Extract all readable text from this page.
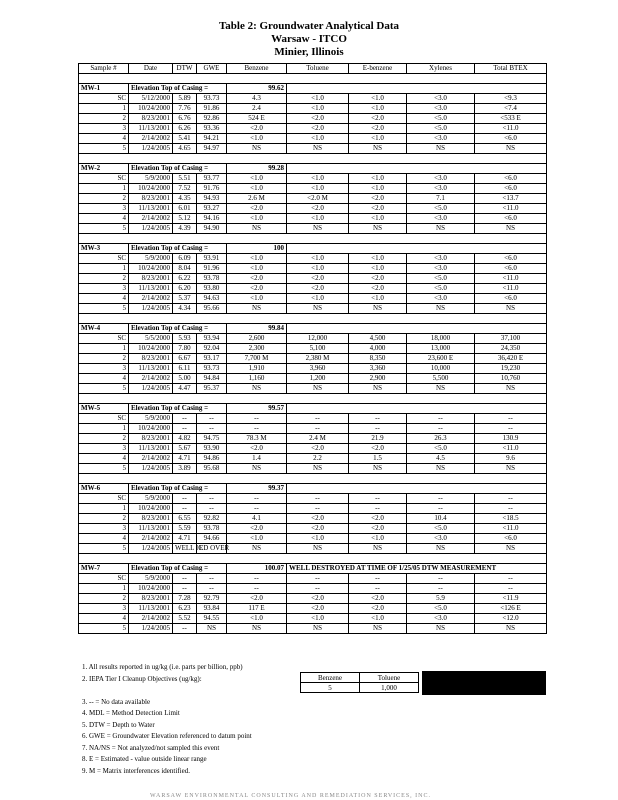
Table 2: Groundwater Analytical Data
Warsaw - ITCO
Minier, Illinois
Sample #	Date	DTW	GWE	Benzene	Toluene	E-benzene	Xylenes	Total BTEX

MW-1	Elevation Top of Casing =			99.62				
SC	5/12/2000	5.89	93.73	4.3	<1.0	<1.0	<3.0	<9.3
1	10/24/2000	7.76	91.86	2.4	<1.0	<1.0	<3.0	<7.4
2	8/23/2001	6.76	92.86	524 E	<2.0	<2.0	<5.0	<533 E
3	11/13/2001	6.26	93.36	<2.0	<2.0	<2.0	<5.0	<11.0
4	2/14/2002	5.41	94.21	<1.0	<1.0	<1.0	<3.0	<6.0
5	1/24/2005	4.65	94.97	NS	NS	NS	NS	NS

MW-2	Elevation Top of Casing =			99.28				
SC	5/9/2000	5.51	93.77	<1.0	<1.0	<1.0	<3.0	<6.0
1	10/24/2000	7.52	91.76	<1.0	<1.0	<1.0	<3.0	<6.0
2	8/23/2001	4.35	94.93	2.6 M	<2.0 M	<2.0	7.1	<13.7
3	11/13/2001	6.01	93.27	<2.0	<2.0	<2.0	<5.0	<11.0
4	2/14/2002	5.12	94.16	<1.0	<1.0	<1.0	<3.0	<6.0
5	1/24/2005	4.39	94.90	NS	NS	NS	NS	NS

MW-3	Elevation Top of Casing =			100				
SC	5/9/2000	6.09	93.91	<1.0	<1.0	<1.0	<3.0	<6.0
1	10/24/2000	8.04	91.96	<1.0	<1.0	<1.0	<3.0	<6.0
2	8/23/2001	6.22	93.78	<2.0	<2.0	<2.0	<5.0	<11.0
3	11/13/2001	6.20	93.80	<2.0	<2.0	<2.0	<5.0	<11.0
4	2/14/2002	5.37	94.63	<1.0	<1.0	<1.0	<3.0	<6.0
5	1/24/2005	4.34	95.66	NS	NS	NS	NS	NS

MW-4	Elevation Top of Casing =			99.84				
SC	5/5/2000	5.93	93.94	2,600	12,000	4,500	18,000	37,100
1	10/24/2000	7.80	92.04	2,300	5,100	4,000	13,000	24,350
2	8/23/2001	6.67	93.17	7,700 M	2,380 M	8,350	23,600 E	36,420 E
3	11/13/2001	6.11	93.73	1,910	3,960	3,360	10,000	19,230
4	2/14/2002	5.00	94.84	1,160	1,200	2,900	5,500	10,760
5	1/24/2005	4.47	95.37	NS	NS	NS	NS	NS

MW-5	Elevation Top of Casing =			99.57				
SC	5/9/2000	--	--	--	--	--	--	--
1	10/24/2000	--	--	--	--	--	--	--
2	8/23/2001	4.82	94.75	78.3 M	2.4 M	21.9	26.3	130.9
3	11/13/2001	5.67	93.90	<2.0	<2.0	<2.0	<5.0	<11.0
4	2/14/2002	4.71	94.86	1.4	2.2	1.5	4.5	9.6
5	1/24/2005	3.89	95.68	NS	NS	NS	NS	NS

MW-6	Elevation Top of Casing =			99.37				
SC	5/9/2000	--	--	--	--	--	--	--
1	10/24/2000	--	--	--	--	--	--	--
2	8/23/2001	6.55	92.82	4.1	<2.0	<2.0	10.4	<18.5
3	11/13/2001	5.59	93.78	<2.0	<2.0	<2.0	<5.0	<11.0
4	2/14/2002	4.71	94.66	<1.0	<1.0	<1.0	<3.0	<6.0
5	1/24/2005	WELL IC	ED OVER	NS	NS	NS	NS	NS

MW-7	Elevation Top of Casing =			100.07	WELL DESTROYED AT TIME OF 1/25/05 DTW MEASUREMENT			
SC	5/9/2000	--	--	--	--	--	--	--
1	10/24/2000	--	--	--	--	--	--	--
2	8/23/2001	7.28	92.79	<2.0	<2.0	<2.0	5.9	<11.9
3	11/13/2001	6.23	93.84	117 E	<2.0	<2.0	<5.0	<126 E
4	2/14/2002	5.52	94.55	<1.0	<1.0	<1.0	<3.0	<12.0
5	1/24/2005	--	NS	NS	NS	NS	NS	NS
1. All results reported in ug/kg (i.e. parts per billion, ppb)
2. IEPA Tier I Cleanup Objectives (ug/kg):

3. -- = No data available
4. MDL = Method Detection Limit
5. DTW = Depth to Water
6. GWE = Groundwater Elevation referenced to datum point
7. NA/NS = Not analyzed/not sampled this event
8. E = Estimated - value outside linear range
9. M = Matrix interferences identified.
Benzene	Toluene
5	1,000
WARSAW ENVIRONMENTAL CONSULTING AND REMEDIATION SERVICES, INC.
